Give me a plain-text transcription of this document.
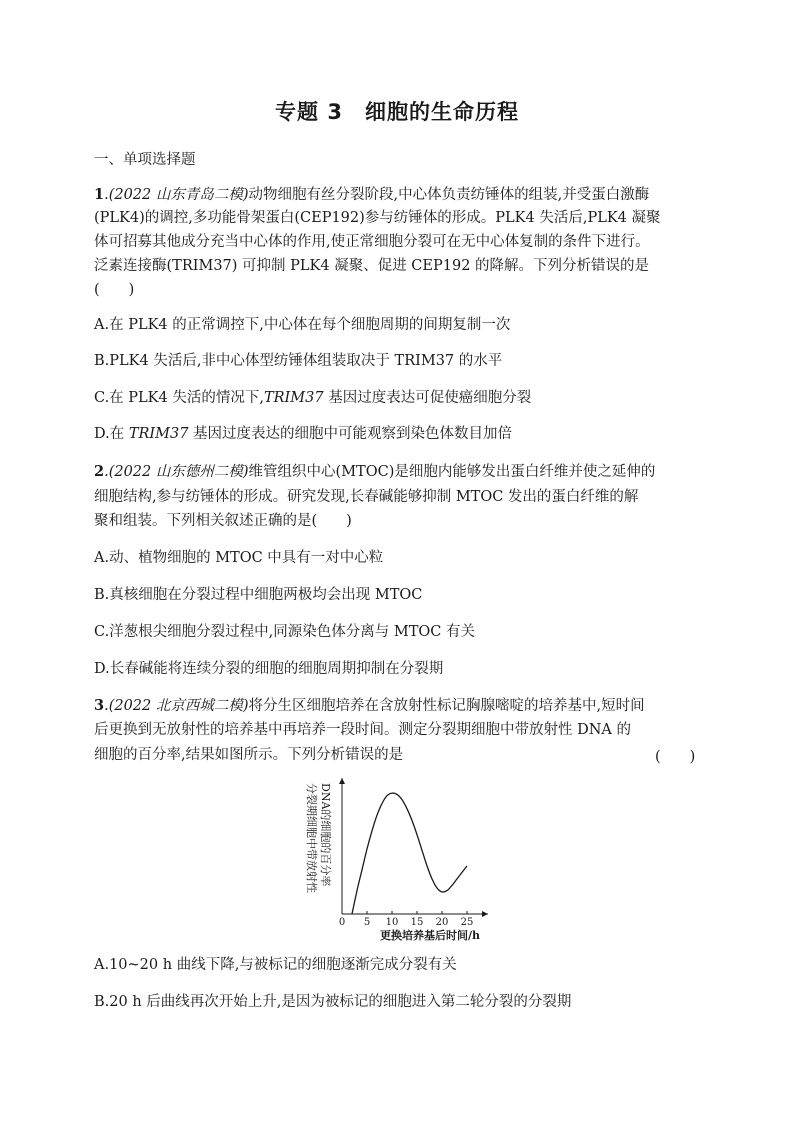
专题 3　细胞的生命历程
一、单项选择题
1.(2022 山东青岛二模)动物细胞有丝分裂阶段,中心体负责纺锤体的组装,并受蛋白激酶
(PLK4)的调控,多功能骨架蛋白(CEP192)参与纺锤体的形成。PLK4 失活后,PLK4 凝聚
体可招募其他成分充当中心体的作用,使正常细胞分裂可在无中心体复制的条件下进行。
泛素连接酶(TRIM37) 可抑制 PLK4 凝聚、促进 CEP192 的降解。下列分析错误的是
(　　)
A.在 PLK4 的正常调控下,中心体在每个细胞周期的间期复制一次
B.PLK4 失活后,非中心体型纺锤体组装取决于 TRIM37 的水平
C.在 PLK4 失活的情况下,TRIM37 基因过度表达可促使癌细胞分裂
D.在 TRIM37 基因过度表达的细胞中可能观察到染色体数目加倍
2.(2022 山东德州二模)维管组织中心(MTOC)是细胞内能够发出蛋白纤维并使之延伸的
细胞结构,参与纺锤体的形成。研究发现,长春碱能够抑制 MTOC 发出的蛋白纤维的解
聚和组装。下列相关叙述正确的是(　　)
A.动、植物细胞的 MTOC 中具有一对中心粒
B.真核细胞在分裂过程中细胞两极均会出现 MTOC
C.洋葱根尖细胞分裂过程中,同源染色体分离与 MTOC 有关
D.长春碱能将连续分裂的细胞的细胞周期抑制在分裂期
3.(2022 北京西城二模)将分生区细胞培养在含放射性标记胸腺嘧啶的培养基中,短时间
后更换到无放射性的培养基中再培养一段时间。测定分裂期细胞中带放射性 DNA 的
细胞的百分率,结果如图所示。下列分析错误的是	(　　)
分裂期细胞中带放射性 DNA的细胞的百分率
0 5 10 15 20 25
更换培养基后时间/h
A.10~20 h 曲线下降,与被标记的细胞逐渐完成分裂有关
B.20 h 后曲线再次开始上升,是因为被标记的细胞进入第二轮分裂的分裂期
